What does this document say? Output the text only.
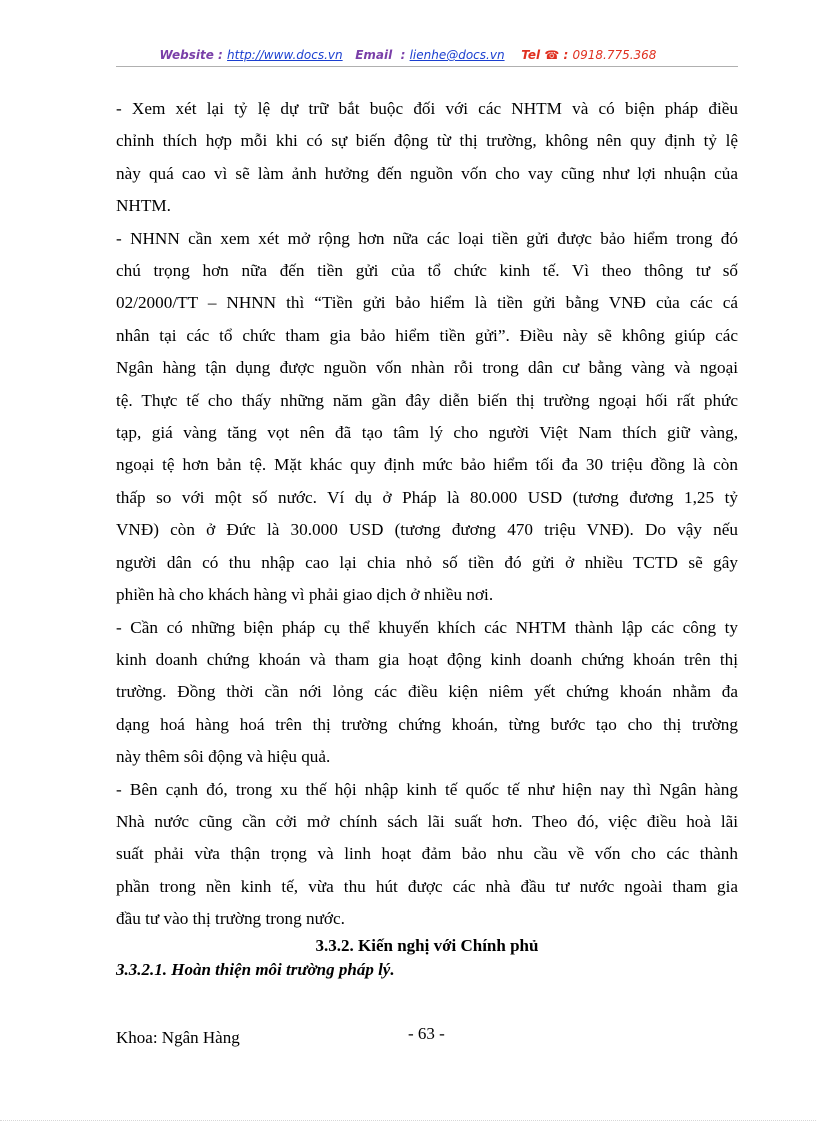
Website : http://www.docs.vn Email : lienhe@docs.vn Tel ☎ : 0918.775.368
- Xem xét lại tỷ lệ dự trữ bắt buộc đối với các NHTM và có biện pháp điều
chỉnh thích hợp mỗi khi có sự biến động từ thị trường, không nên quy định tỷ lệ
này quá cao vì sẽ làm ảnh hưởng đến nguồn vốn cho vay cũng như lợi nhuận của
NHTM.
- NHNN cần xem xét mở rộng hơn nữa các loại tiền gửi được bảo hiểm trong đó
chú trọng hơn nữa đến tiền gửi của tổ chức kinh tế. Vì theo thông tư số
02/2000/TT – NHNN thì “Tiền gửi bảo hiểm là tiền gửi bằng VNĐ của các cá
nhân tại các tổ chức tham gia bảo hiểm tiền gửi”. Điều này sẽ không giúp các
Ngân hàng tận dụng được nguồn vốn nhàn rỗi trong dân cư bằng vàng và ngoại
tệ. Thực tế cho thấy những năm gần đây diễn biến thị trường ngoại hối rất phức
tạp, giá vàng tăng vọt nên đã tạo tâm lý cho người Việt Nam thích giữ vàng,
ngoại tệ hơn bản tệ. Mặt khác quy định mức bảo hiểm tối đa 30 triệu đồng là còn
thấp so với một số nước. Ví dụ ở Pháp là 80.000 USD (tương đương 1,25 tỷ
VNĐ) còn ở Đức là 30.000 USD (tương đương 470 triệu VNĐ). Do vậy nếu
người dân có thu nhập cao lại chia nhỏ số tiền đó gửi ở nhiều TCTD sẽ gây
phiền hà cho khách hàng vì phải giao dịch ở nhiều nơi.
- Cần có những biện pháp cụ thể khuyến khích các NHTM thành lập các công ty
kinh doanh chứng khoán và tham gia hoạt động kinh doanh chứng khoán trên thị
trường. Đồng thời cần nới lỏng các điều kiện niêm yết chứng khoán nhằm đa
dạng hoá hàng hoá trên thị trường chứng khoán, từng bước tạo cho thị trường
này thêm sôi động và hiệu quả.
- Bên cạnh đó, trong xu thế hội nhập kinh tế quốc tế như hiện nay thì Ngân hàng
Nhà nước cũng cần cởi mở chính sách lãi suất hơn. Theo đó, việc điều hoà lãi
suất phải vừa thận trọng và linh hoạt đảm bảo nhu cầu về vốn cho các thành
phần trong nền kinh tế, vừa thu hút được các nhà đầu tư nước ngoài tham gia
đầu tư vào thị trường trong nước.
3.3.2. Kiến nghị với Chính phủ
3.3.2.1. Hoàn thiện môi trường pháp lý.
Khoa: Ngân Hàng	- 63 -
